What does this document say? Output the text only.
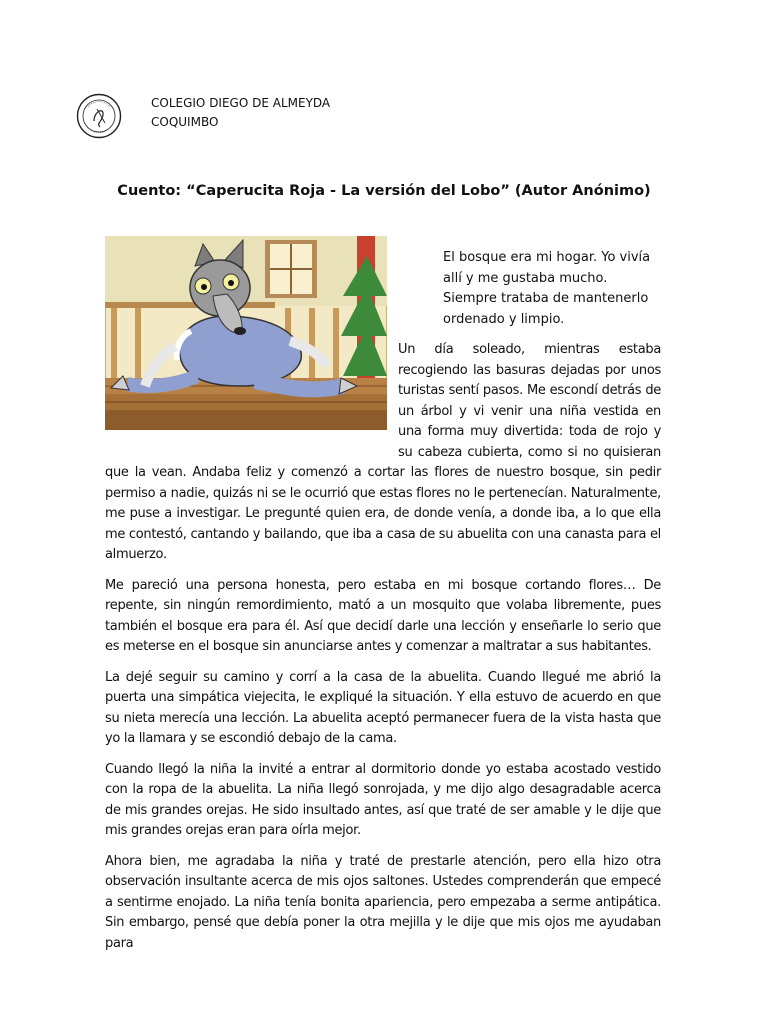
COLEGIO DIEGO DE ALMEYDA
COQUIMBO
Cuento: “Caperucita Roja - La versión del Lobo” (Autor Anónimo)
El bosque era mi hogar. Yo vivía allí y me gustaba mucho. Siempre trataba de mantenerlo ordenado y limpio.

Un día soleado, mientras estaba recogiendo las basuras dejadas por unos turistas sentí pasos. Me escondí detrás de un árbol y vi venir una niña vestida en una forma muy divertida: toda de rojo y su cabeza cubierta, como si no quisieran que la vean. Andaba feliz y comenzó a cortar las flores de nuestro bosque, sin pedir permiso a nadie, quizás ni se le ocurrió que estas flores no le pertenecían. Naturalmente, me puse a investigar. Le pregunté quien era, de donde venía, a donde iba, a lo que ella me contestó, cantando y bailando, que iba a casa de su abuelita con una canasta para el almuerzo.

Me pareció una persona honesta, pero estaba en mi bosque cortando flores… De repente, sin ningún remordimiento, mató a un mosquito que volaba libremente, pues también el bosque era para él. Así que decidí darle una lección y enseñarle lo serio que es meterse en el bosque sin anunciarse antes y comenzar a maltratar a sus habitantes.

La dejé seguir su camino y corrí a la casa de la abuelita. Cuando llegué me abrió la puerta una simpática viejecita, le expliqué la situación. Y ella estuvo de acuerdo en que su nieta merecía una lección. La abuelita aceptó permanecer fuera de la vista hasta que yo la llamara y se escondió debajo de la cama.

Cuando llegó la niña la invité a entrar al dormitorio donde yo estaba acostado vestido con la ropa de la abuelita. La niña llegó sonrojada, y me dijo algo desagradable acerca de mis grandes orejas. He sido insultado antes, así que traté de ser amable y le dije que mis grandes orejas eran para oírla mejor.

Ahora bien, me agradaba la niña y traté de prestarle atención, pero ella hizo otra observación insultante acerca de mis ojos saltones. Ustedes comprenderán que empecé a sentirme enojado. La niña tenía bonita apariencia, pero empezaba a serme antipática. Sin embargo, pensé que debía poner la otra mejilla y le dije que mis ojos me ayudaban para
